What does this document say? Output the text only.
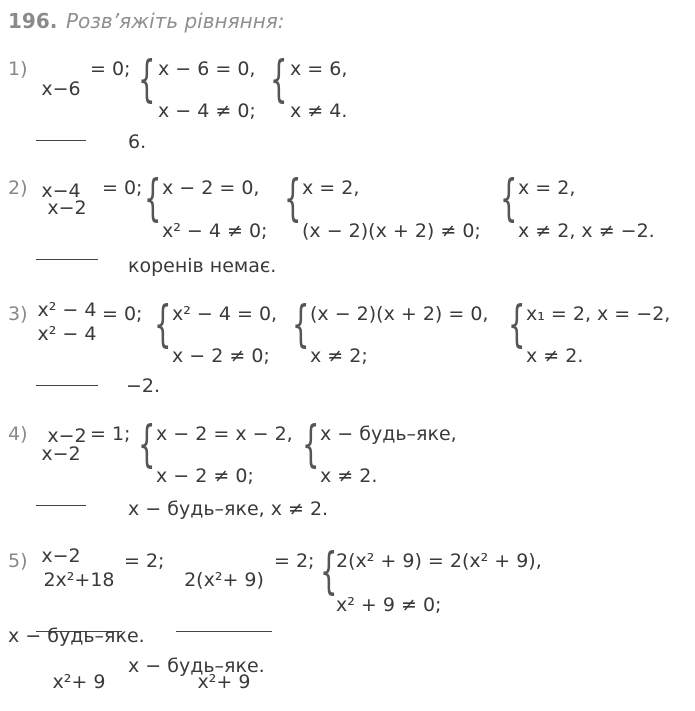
196. Розв’яжіть рівняння:
1)

x−6

x−4

= 0; { x − 6 = 0,
x − 4 ≠ 0;
{ x = 6,
x ≠ 4.
6.
2)

x−2

x² − 4

= 0; { x − 2 = 0,
x² − 4 ≠ 0;
{ x = 2,
(x − 2)(x + 2) ≠ 0;
{ x = 2,
x ≠ 2, x ≠ −2.
коренів немає.
3)

x² − 4

x−2

= 0; { x² − 4 = 0,
x − 2 ≠ 0;
{ (x − 2)(x + 2) = 0,
x ≠ 2;
{ x₁ = 2, x = −2,
x ≠ 2.
−2.
4)

x−2

x−2

= 1; { x − 2 = x − 2,
x − 2 ≠ 0;
{ x − будь–яке,
x ≠ 2.
x − будь–яке, x ≠ 2.
5)

2x²+18

x²+ 9

= 2;

2(x²+ 9)

x²+ 9

= 2; {
2(x² + 9) = 2(x² + 9),
x² + 9 ≠ 0;
x − будь–яке.
x − будь–яке.
